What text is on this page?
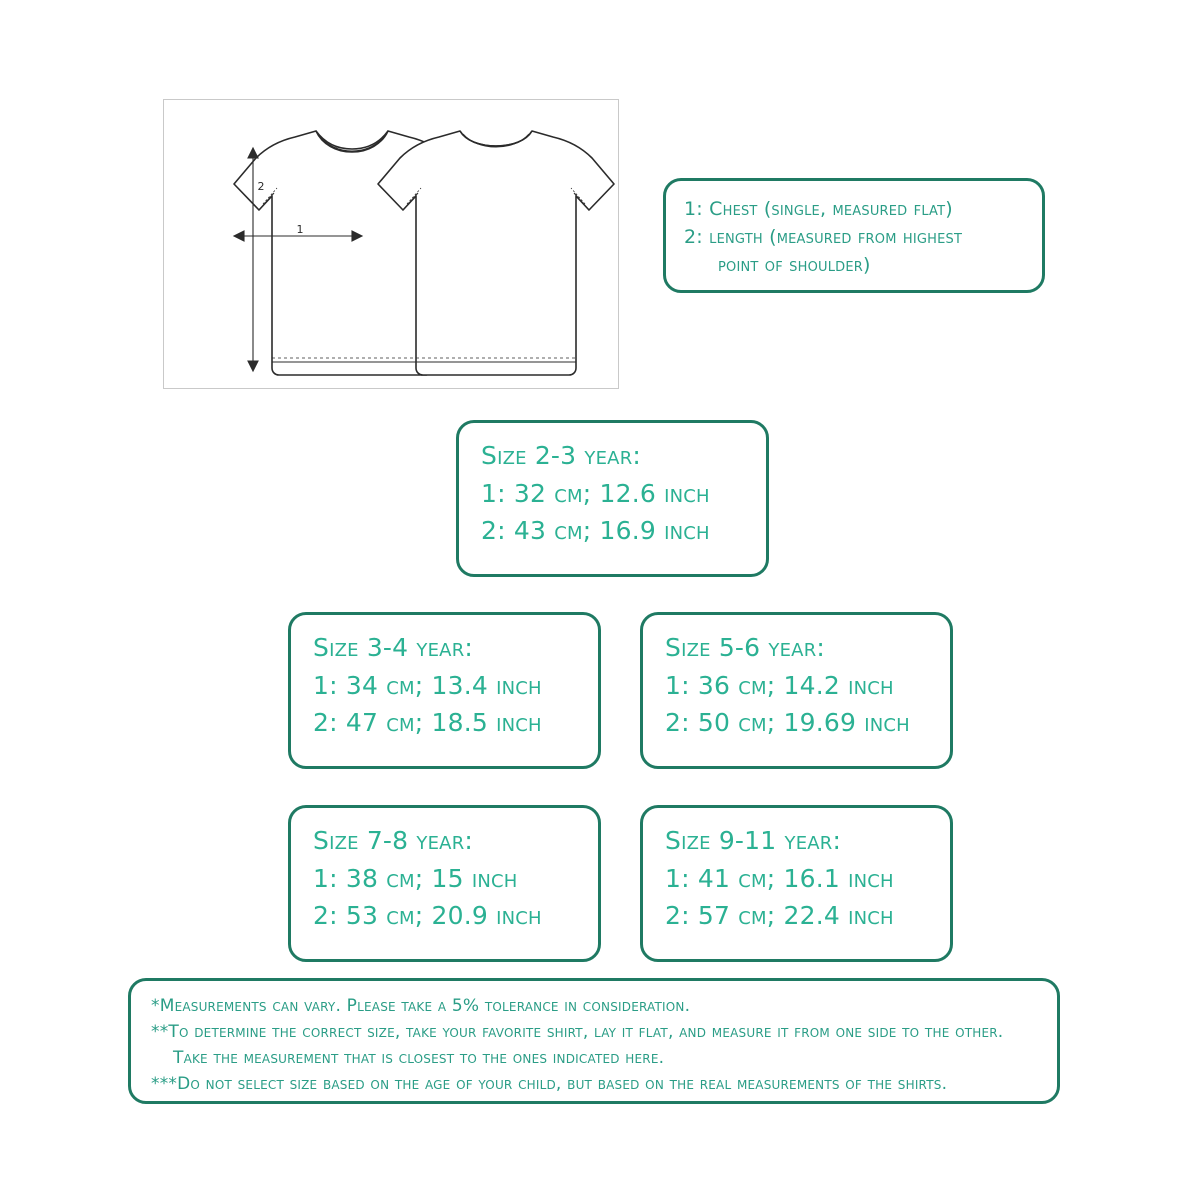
1
2
1: Chest (single, measured flat)
2: length (measured from highest
point of shoulder)
Size 2-3 year:
1: 32 cm; 12.6 inch
2: 43 cm; 16.9 inch
Size 3-4 year:
1: 34 cm; 13.4 inch
2: 47 cm; 18.5 inch
Size 5-6 year:
1: 36 cm; 14.2 inch
2: 50 cm; 19.69 inch
Size 7-8 year:
1: 38 cm; 15 inch
2: 53 cm; 20.9 inch
Size 9-11 year:
1: 41 cm; 16.1 inch
2: 57 cm; 22.4 inch
*Measurements can vary. Please take a 5% tolerance in consideration.
**To determine the correct size, take your favorite shirt, lay it flat, and measure it from one side to the other.
Take the measurement that is closest to the ones indicated here.
***Do not select size based on the age of your child, but based on the real measurements of the shirts.
